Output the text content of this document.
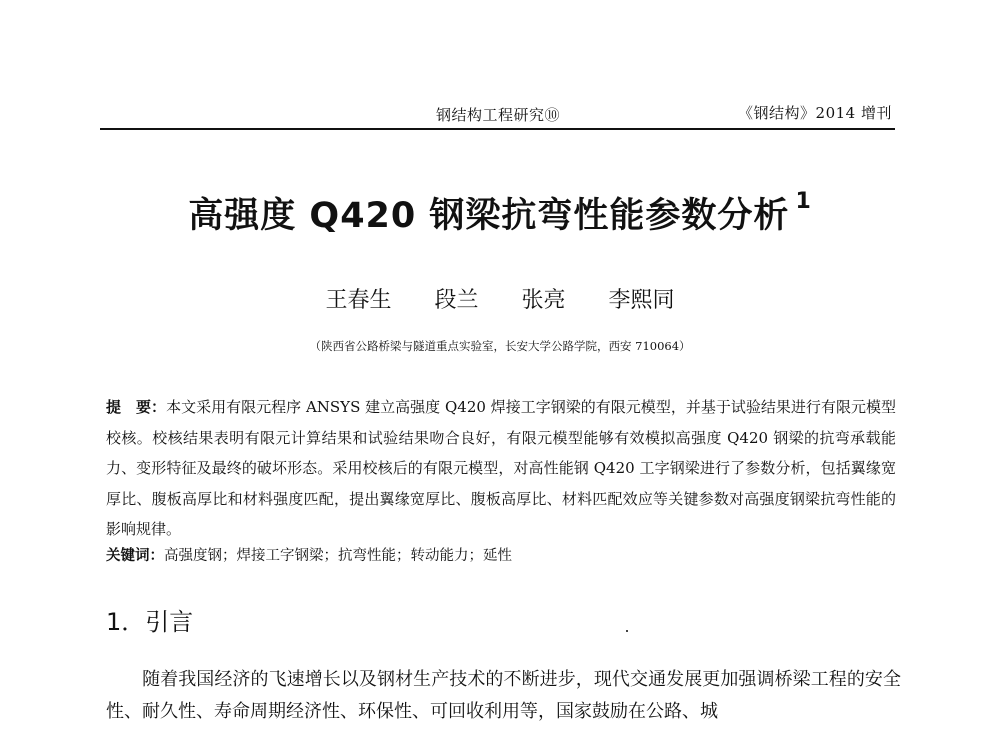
钢结构工程研究⑩	《钢结构》2014 增刊
高强度 Q420 钢梁抗弯性能参数分析 $^1$
王春生 段兰 张亮 李熙同
（陕西省公路桥梁与隧道重点实验室，长安大学公路学院，西安 710064）
提　要：本文采用有限元程序 ANSYS 建立高强度 Q420 焊接工字钢梁的有限元模型，并基于试验结果进行有限元模型校核。校核结果表明有限元计算结果和试验结果吻合良好，有限元模型能够有效模拟高强度 Q420 钢梁的抗弯承载能力、变形特征及最终的破坏形态。采用校核后的有限元模型，对高性能钢 Q420 工字钢梁进行了参数分析，包括翼缘宽厚比、腹板高厚比和材料强度匹配，提出翼缘宽厚比、腹板高厚比、材料匹配效应等关键参数对高强度钢梁抗弯性能的影响规律。
关键词：高强度钢；焊接工字钢梁；抗弯性能；转动能力；延性
1．引言
随着我国经济的飞速增长以及钢材生产技术的不断进步，现代交通发展更加强调桥梁工程的安全性、耐久性、寿命周期经济性、环保性、可回收利用等，国家鼓励在公路、城
